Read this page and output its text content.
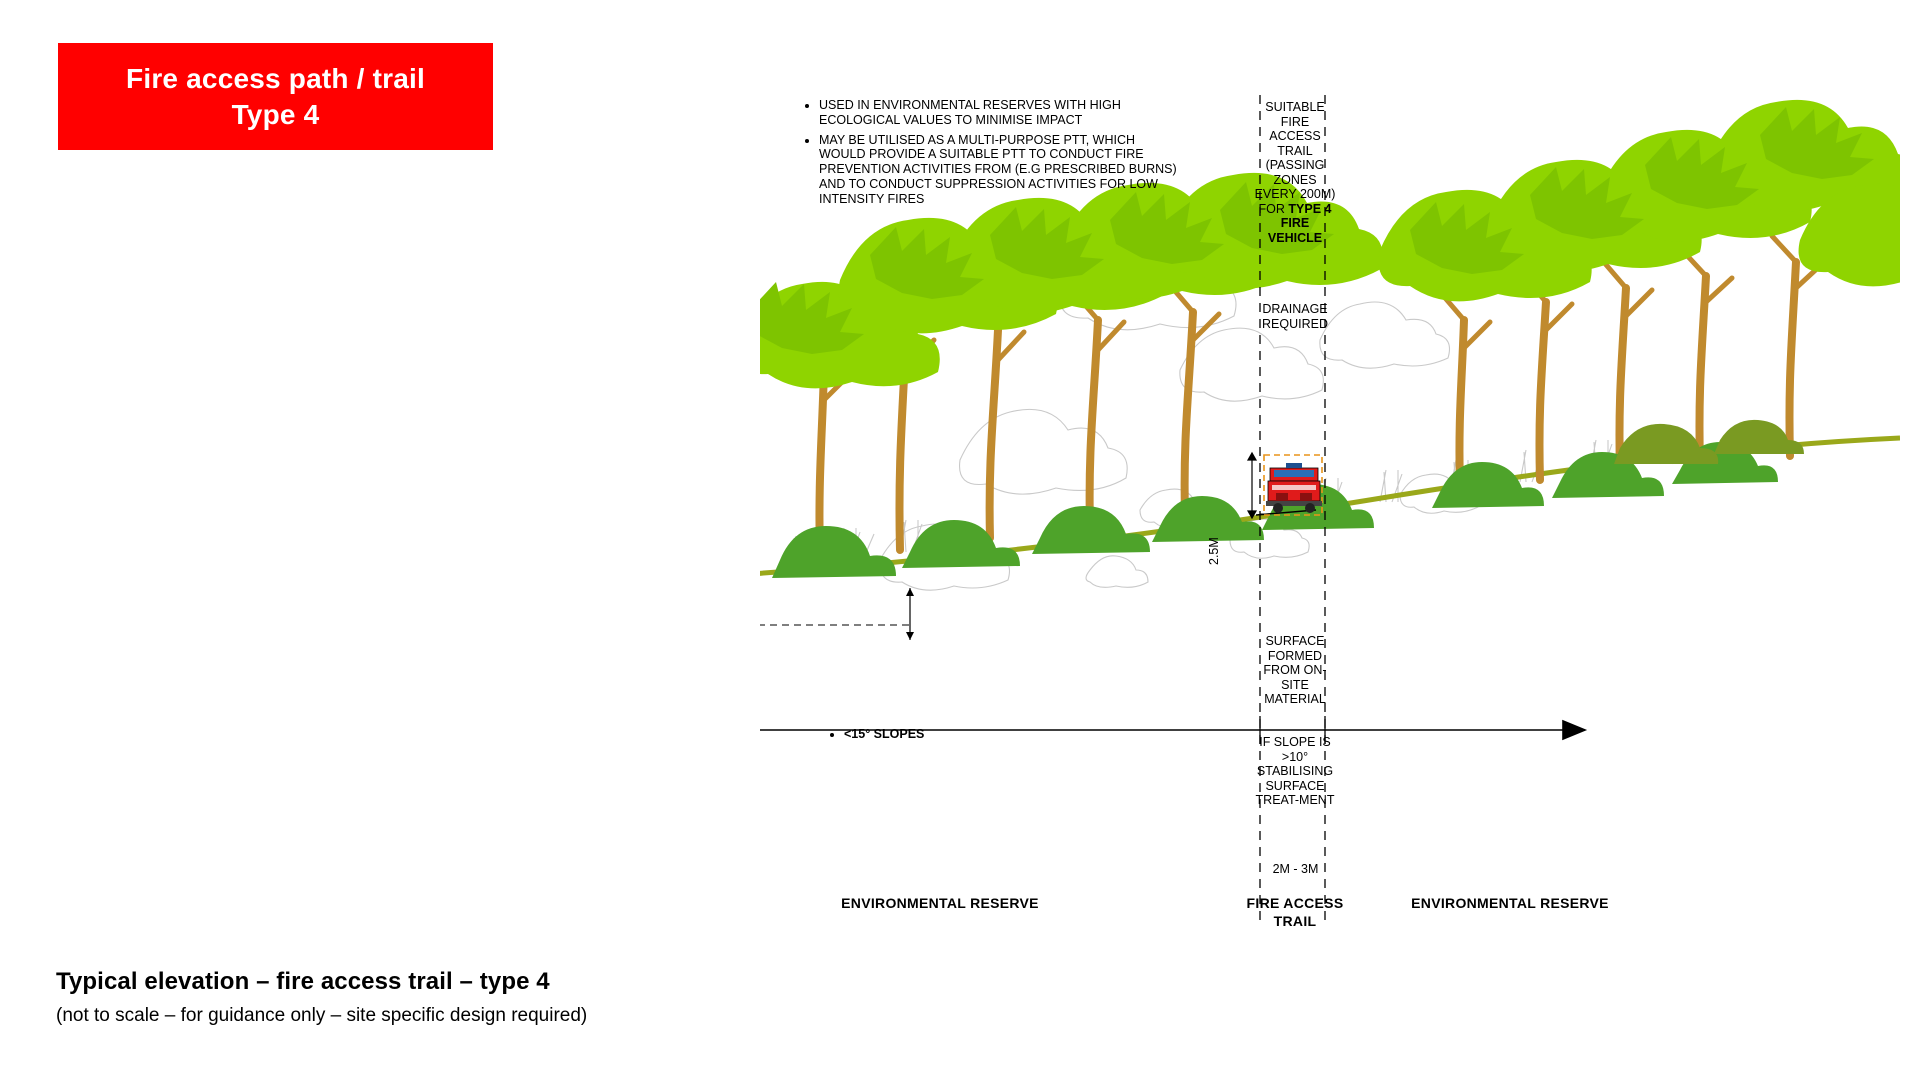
Fire access path / trail
Type 4	• USED IN ENVIRONMENTAL RESERVES WITH HIGH ECOLOGICAL VALUES TO MINIMISE IMPACT
• MAY BE UTILISED AS A MULTI-PURPOSE PTT, WHICH WOULD PROVIDE A SUITABLE PTT TO CONDUCT FIRE PREVENTION ACTIVITIES FROM (E.G PRESCRIBED BURNS) AND TO CONDUCT SUPPRESSION ACTIVITIES FOR LOW INTENSITY FIRES
• <15° SLOPES
SUITABLE FIRE ACCESS TRAIL (PASSING ZONES EVERY 200M) FOR TYPE 4 FIRE VEHICLE
DRAINAGE REQUIRED
SURFACE FORMED FROM ON-SITE MATERIAL
IF SLOPE IS >10° STABILISING SURFACE TREAT-MENT
2M - 3M
2.5M
ENVIRONMENTAL RESERVE	FIRE ACCESS TRAIL
ENVIRONMENTAL RESERVE
Typical elevation – fire access trail – type 4
(not to scale – for guidance only – site specific design required)
